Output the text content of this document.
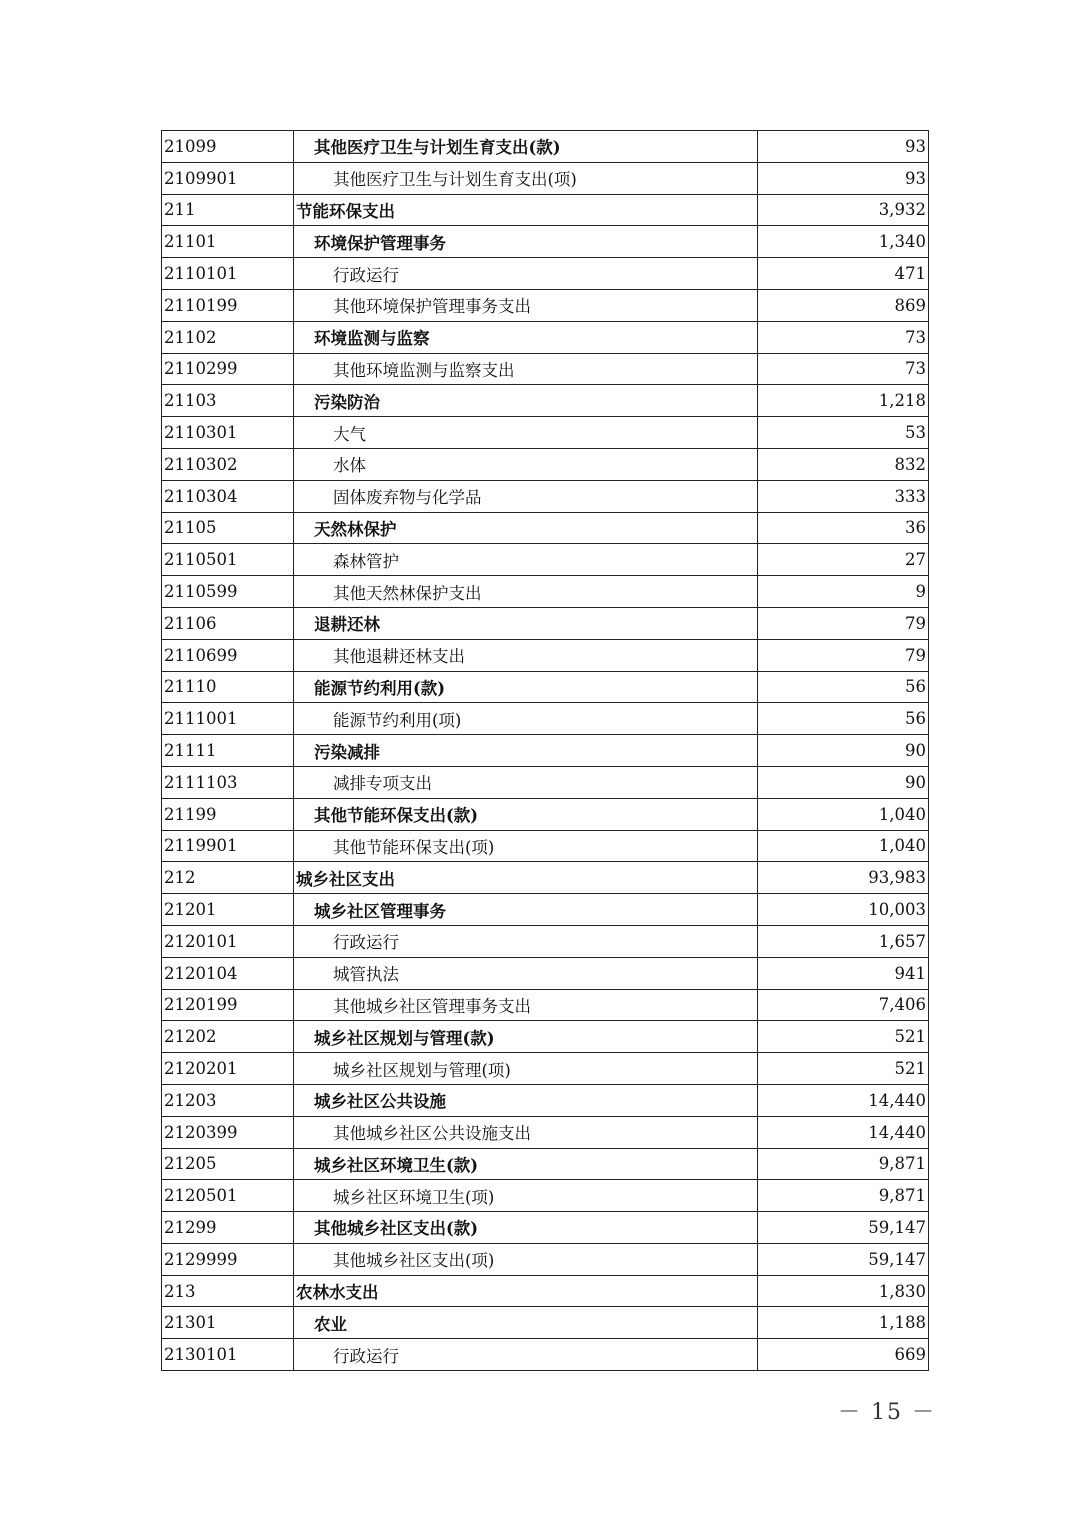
21099	其他医疗卫生与计划生育支出(款)	93
2109901	其他医疗卫生与计划生育支出(项)	93
211	节能环保支出	3,932
21101	环境保护管理事务	1,340
2110101	行政运行	471
2110199	其他环境保护管理事务支出	869
21102	环境监测与监察	73
2110299	其他环境监测与监察支出	73
21103	污染防治	1,218
2110301	大气	53
2110302	水体	832
2110304	固体废弃物与化学品	333
21105	天然林保护	36
2110501	森林管护	27
2110599	其他天然林保护支出	9
21106	退耕还林	79
2110699	其他退耕还林支出	79
21110	能源节约利用(款)	56
2111001	能源节约利用(项)	56
21111	污染减排	90
2111103	减排专项支出	90
21199	其他节能环保支出(款)	1,040
2119901	其他节能环保支出(项)	1,040
212	城乡社区支出	93,983
21201	城乡社区管理事务	10,003
2120101	行政运行	1,657
2120104	城管执法	941
2120199	其他城乡社区管理事务支出	7,406
21202	城乡社区规划与管理(款)	521
2120201	城乡社区规划与管理(项)	521
21203	城乡社区公共设施	14,440
2120399	其他城乡社区公共设施支出	14,440
21205	城乡社区环境卫生(款)	9,871
2120501	城乡社区环境卫生(项)	9,871
21299	其他城乡社区支出(款)	59,147
2129999	其他城乡社区支出(项)	59,147
213	农林水支出	1,830
21301	农业	1,188
2130101	行政运行	669
－ 15 －
